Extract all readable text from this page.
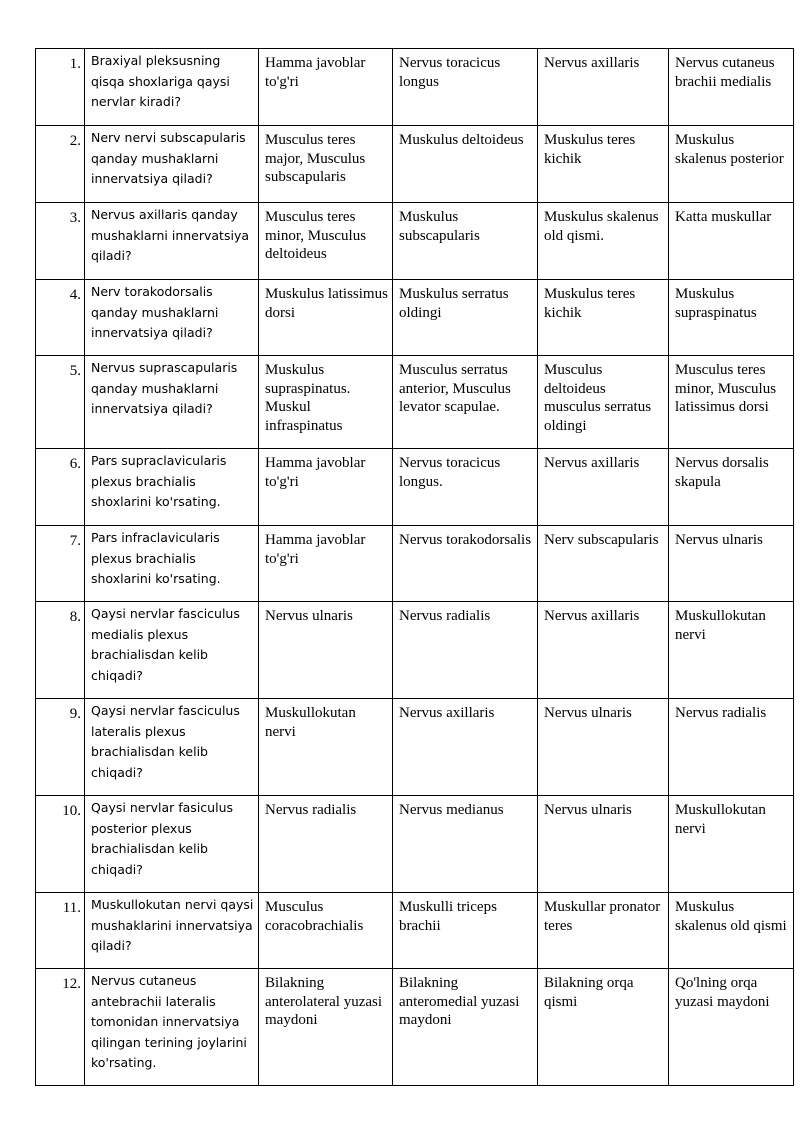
1.	Braxiyal pleksusning qisqa shoxlariga qaysi nervlar kiradi?	Hamma javoblar to'g'ri	Nervus toracicus longus	Nervus axillaris	Nervus cutaneus brachii medialis
2.	Nerv nervi subscapularis qanday mushaklarni innervatsiya qiladi?	Musculus teres major, Musculus subscapularis	Muskulus deltoideus	Muskulus teres kichik	Muskulus skalenus posterior
3.	Nervus axillaris qanday mushaklarni innervatsiya qiladi?	Musculus teres minor, Musculus deltoideus	Muskulus subscapularis	Muskulus skalenus old qismi.	Katta muskullar
4.	Nerv torakodorsalis qanday mushaklarni innervatsiya qiladi?	Muskulus latissimus dorsi	Muskulus serratus oldingi	Muskulus teres kichik	Muskulus supraspinatus
5.	Nervus suprascapularis qanday mushaklarni innervatsiya qiladi?	Muskulus supraspinatus. Muskul infraspinatus	Musculus serratus anterior, Musculus levator scapulae.	Musculus deltoideus musculus serratus oldingi	Musculus teres minor, Musculus latissimus dorsi
6.	Pars supraclavicularis plexus brachialis shoxlarini ko'rsating.	Hamma javoblar to'g'ri	Nervus toracicus longus.	Nervus axillaris	Nervus dorsalis skapula
7.	Pars infraclavicularis plexus brachialis shoxlarini ko'rsating.	Hamma javoblar to'g'ri	Nervus torakodorsalis	Nerv subscapularis	Nervus ulnaris
8.	Qaysi nervlar fasciculus medialis plexus brachialisdan kelib chiqadi?	Nervus ulnaris	Nervus radialis	Nervus axillaris	Muskullokutan nervi
9.	Qaysi nervlar fasciculus lateralis plexus brachialisdan kelib chiqadi?	Muskullokutan nervi	Nervus axillaris	Nervus ulnaris	Nervus radialis
10.	Qaysi nervlar fasiculus posterior plexus brachialisdan kelib chiqadi?	Nervus radialis	Nervus medianus	Nervus ulnaris	Muskullokutan nervi
11.	Muskullokutan nervi qaysi mushaklarini innervatsiya qiladi?	Musculus coracobrachialis	Muskulli triceps brachii	Muskullar pronator teres	Muskulus skalenus old qismi
12.	Nervus cutaneus antebrachii lateralis tomonidan innervatsiya qilingan terining joylarini ko'rsating.	Bilakning anterolateral yuzasi maydoni	Bilakning anteromedial yuzasi maydoni	Bilakning orqa qismi	Qo'lning orqa yuzasi maydoni
